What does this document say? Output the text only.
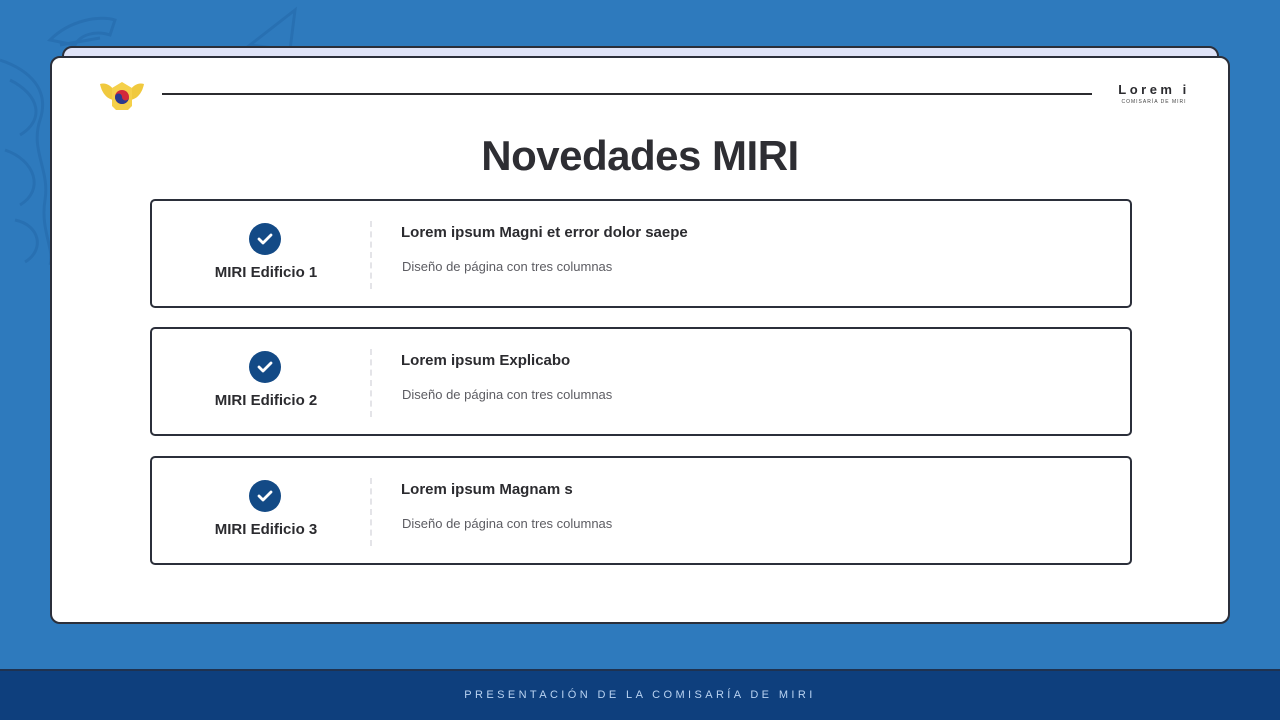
Lorem i
COMISARÍA DE MIRI
Novedades MIRI
MIRI Edificio 1
Lorem ipsum Magni et error dolor saepe
Diseño de página con tres columnas
MIRI Edificio 2
Lorem ipsum Explicabo
Diseño de página con tres columnas
MIRI Edificio 3
Lorem ipsum Magnam s
Diseño de página con tres columnas
PRESENTACIÓN DE LA COMISARÍA DE MIRI
